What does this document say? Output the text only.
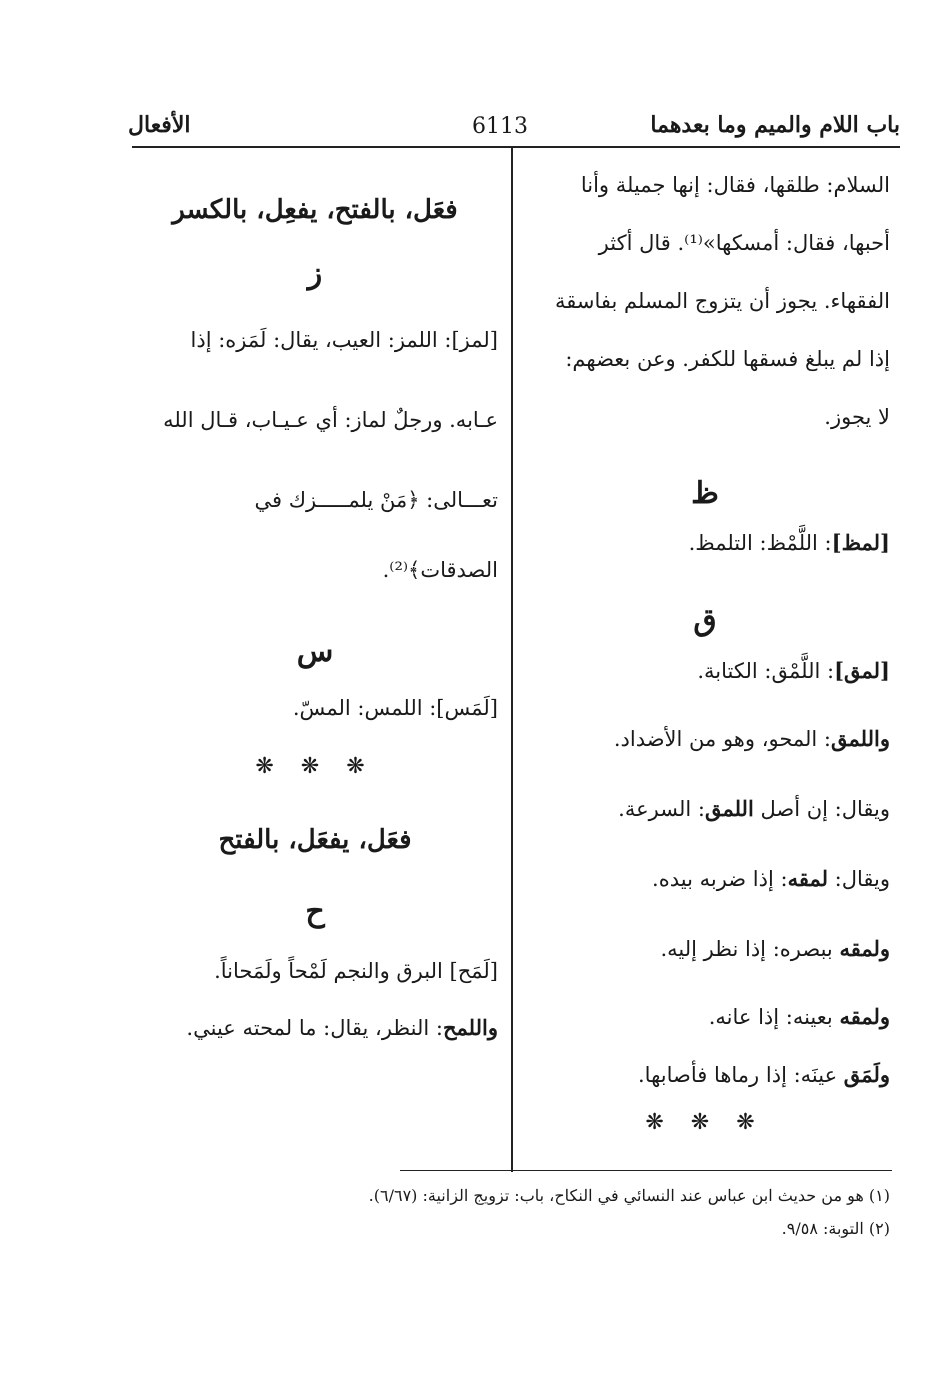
باب اللام والميم وما بعدهما
6113
الأفعال
السلام: طلقها، فقال: إنها جميلة وأنا
أحبها، فقال: أمسكها»⁽¹⁾. قال أكثر
الفقهاء. يجوز أن يتزوج المسلم بفاسقة
إذا لم يبلغ فسقها للكفر. وعن بعضهم:
لا يجوز.
ظ
[لمظ]: اللَّمْظ: التلمظ.
ق
[لمق]: اللَّمْق: الكتابة.
واللمق: المحو، وهو من الأضداد.
ويقال: إن أصل اللمق: السرعة.
ويقال: لمقه: إذا ضربه بيده.
ولمقه ببصره: إذا نظر إليه.
ولمقه بعينه: إذا عانه.
ولَمَق عينَه: إذا رماها فأصابها.
❋ ❋ ❋
فعَل، بالفتح، يفعِل، بالكسر
ز
[لمز]: اللمز: العيب، يقال: لَمَزه: إذا
عـابه. ورجلٌ لماز: أي عـيـاب، قـال الله
تعـــالى: ﴿مَنْ يلمـــــزك في
الصدقات﴾⁽²⁾.
س
[لَمَس]: اللمس: المسّ.
❋ ❋ ❋
فعَل، يفعَل، بالفتح
ح
[لَمَح] البرق والنجم لَمْحاً ولَمَحاناً.
واللمح: النظر، يقال: ما لمحته عيني.
(١) هو من حديث ابن عباس عند النسائي في النكاح، باب: تزويج الزانية: (٦/٦٧).
(٢) التوبة: ٩/٥٨.
